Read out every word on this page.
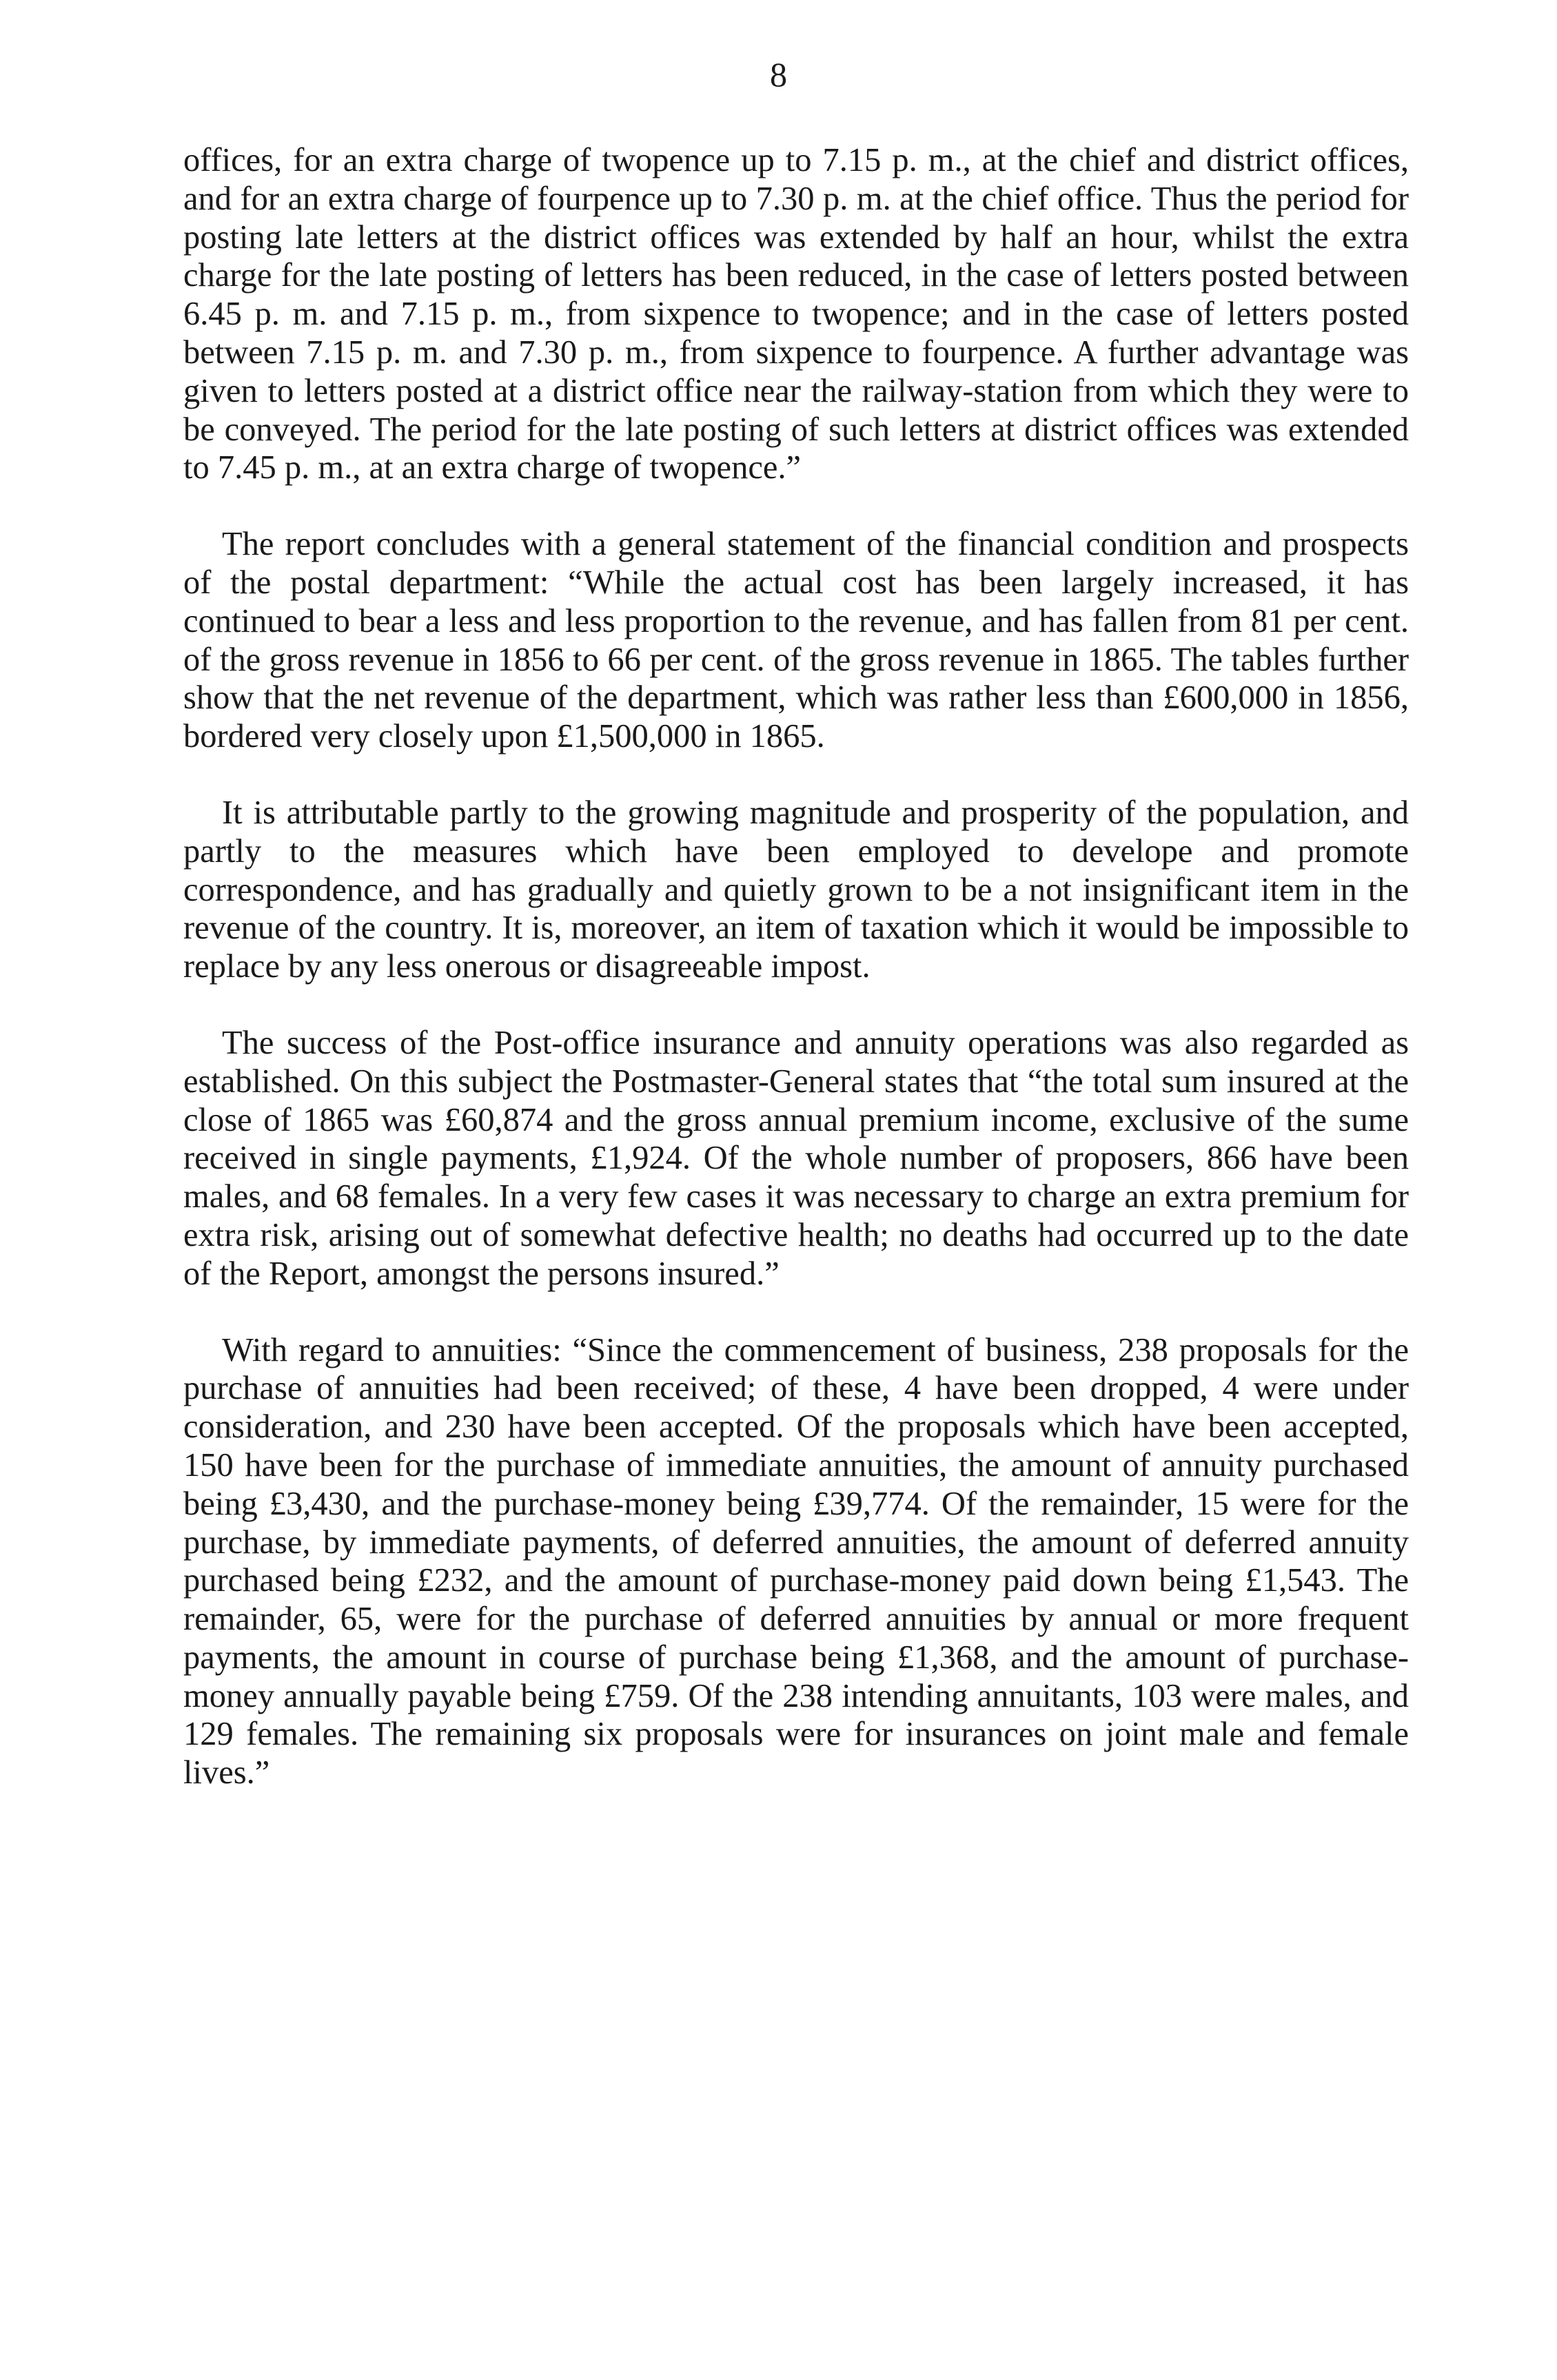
8

offices, for an extra charge of twopence up to 7.15 p. m., at the chief and district offices, and for an extra charge of fourpence up to 7.30 p. m. at the chief office. Thus the period for posting late letters at the district offices was extended by half an hour, whilst the extra charge for the late posting of letters has been reduced, in the case of letters posted between 6.45 p. m. and 7.15 p. m., from sixpence to twopence; and in the case of letters posted between 7.15 p. m. and 7.30 p. m., from sixpence to fourpence. A further advantage was given to letters posted at a district office near the railway-station from which they were to be conveyed. The period for the late posting of such letters at district offices was extended to 7.45 p. m., at an extra charge of twopence.”

The report concludes with a general statement of the financial condition and prospects of the postal department: “While the actual cost has been largely increased, it has continued to bear a less and less proportion to the revenue, and has fallen from 81 per cent. of the gross revenue in 1856 to 66 per cent. of the gross revenue in 1865. The tables further show that the net revenue of the department, which was rather less than £600,000 in 1856, bordered very closely upon £1,500,000 in 1865.

It is attributable partly to the growing magnitude and prosperity of the population, and partly to the measures which have been employed to develope and promote correspondence, and has gradually and quietly grown to be a not insignificant item in the revenue of the country. It is, moreover, an item of taxation which it would be impossible to replace by any less onerous or disagreeable impost.

The success of the Post-office insurance and annuity operations was also regarded as established. On this subject the Postmaster-General states that “the total sum insured at the close of 1865 was £60,874 and the gross annual premium income, exclusive of the sume received in single payments, £1,924. Of the whole number of proposers, 866 have been males, and 68 females. In a very few cases it was necessary to charge an extra premium for extra risk, arising out of somewhat defective health; no deaths had occurred up to the date of the Report, amongst the persons insured.”

With regard to annuities: “Since the commencement of business, 238 proposals for the purchase of annuities had been received; of these, 4 have been dropped, 4 were under consideration, and 230 have been accepted. Of the proposals which have been accepted, 150 have been for the purchase of immediate annuities, the amount of annuity purchased being £3,430, and the purchase-money being £39,774. Of the remainder, 15 were for the purchase, by immediate payments, of deferred annuities, the amount of deferred annuity purchased being £232, and the amount of purchase-money paid down being £1,543. The remainder, 65, were for the purchase of deferred annuities by annual or more frequent payments, the amount in course of purchase being £1,368, and the amount of purchase-money annually payable being £759. Of the 238 intending annuitants, 103 were males, and 129 females. The remaining six proposals were for insurances on joint male and female lives.”
